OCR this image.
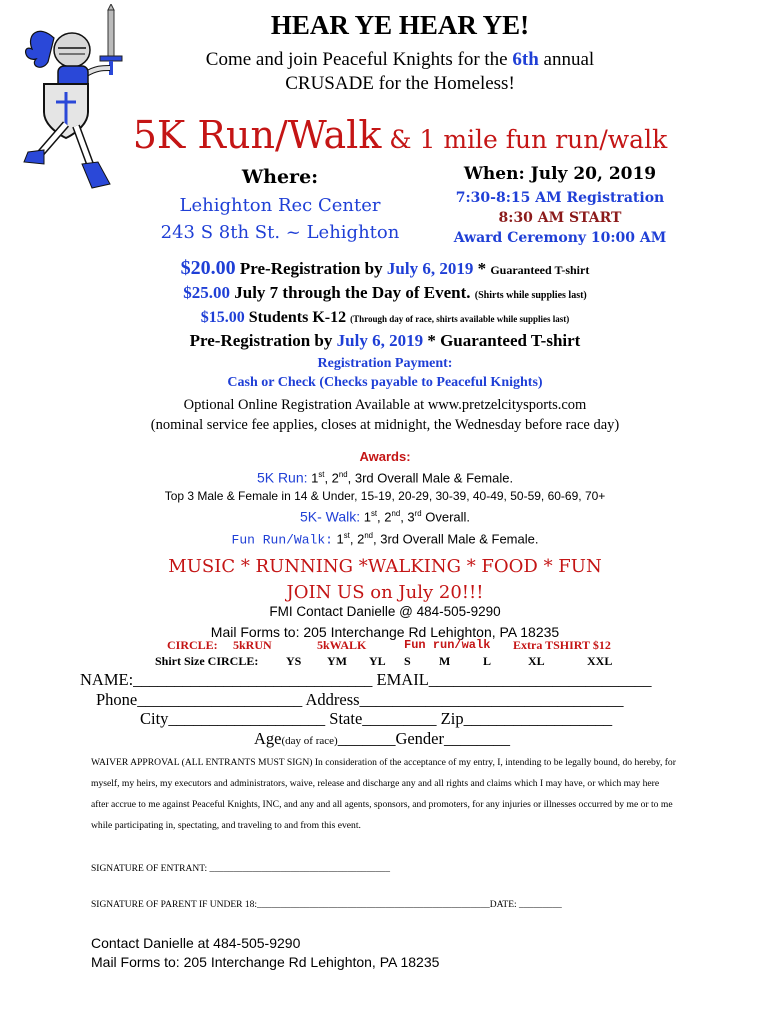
HEAR YE HEAR YE!
Come and join Peaceful Knights for the 6th annual
CRUSADE for the Homeless!
5K Run/Walk & 1 mile fun run/walk
Where:
Lehighton Rec Center
243 S 8th St. ~ Lehighton
When: July 20, 2019
7:30-8:15 AM Registration
8:30 AM START
Award Ceremony 10:00 AM
$20.00 Pre-Registration by July 6, 2019 * Guaranteed T-shirt
$25.00 July 7 through the Day of Event. (Shirts while supplies last)
$15.00 Students K-12 (Through day of race, shirts available while supplies last)
Pre-Registration by July 6, 2019 * Guaranteed T-shirt
Registration Payment:
Cash or Check (Checks payable to Peaceful Knights)
Optional Online Registration Available at www.pretzelcitysports.com
(nominal service fee applies, closes at midnight, the Wednesday before race day)
Awards:
5K Run: 1st, 2nd, 3rd Overall Male & Female.
Top 3 Male & Female in 14 & Under, 15-19, 20-29, 30-39, 40-49, 50-59, 60-69, 70+
5K- Walk: 1st, 2nd, 3rd Overall.
Fun Run/Walk: 1st, 2nd, 3rd Overall Male & Female.
MUSIC * RUNNING *WALKING * FOOD * FUN
JOIN US on July 20!!!
FMI Contact Danielle @ 484-505-9290
Mail Forms to: 205 Interchange Rd Lehighton, PA 18235
CIRCLE: 5kRUN	5kWALK	Fun run/walk Extra TSHIRT $12
Shirt Size CIRCLE: YS YM YL S M	L	XL	XXL
NAME:_____________________________ EMAIL___________________________
Phone____________________ Address________________________________
City___________________ State_________ Zip__________________
Age(day of race)_______Gender________
WAIVER APPROVAL (ALL ENTRANTS MUST SIGN) In consideration of the acceptance of my entry, I, intending to be legally bound, do hereby, for myself, my heirs, my executors and administrators, waive, release and discharge any and all rights and claims which I may have, or which may here after accrue to me against Peaceful Knights, INC, and any and all agents, sponsors, and promoters, for any injuries or illnesses occurred by me or to me while participating in, spectating, and traveling to and from this event.
SIGNATURE OF ENTRANT: ______________________________________
SIGNATURE OF PARENT IF UNDER 18:_________________________________________________DATE: _________
Contact Danielle at 484-505-9290
Mail Forms to: 205 Interchange Rd Lehighton, PA 18235
